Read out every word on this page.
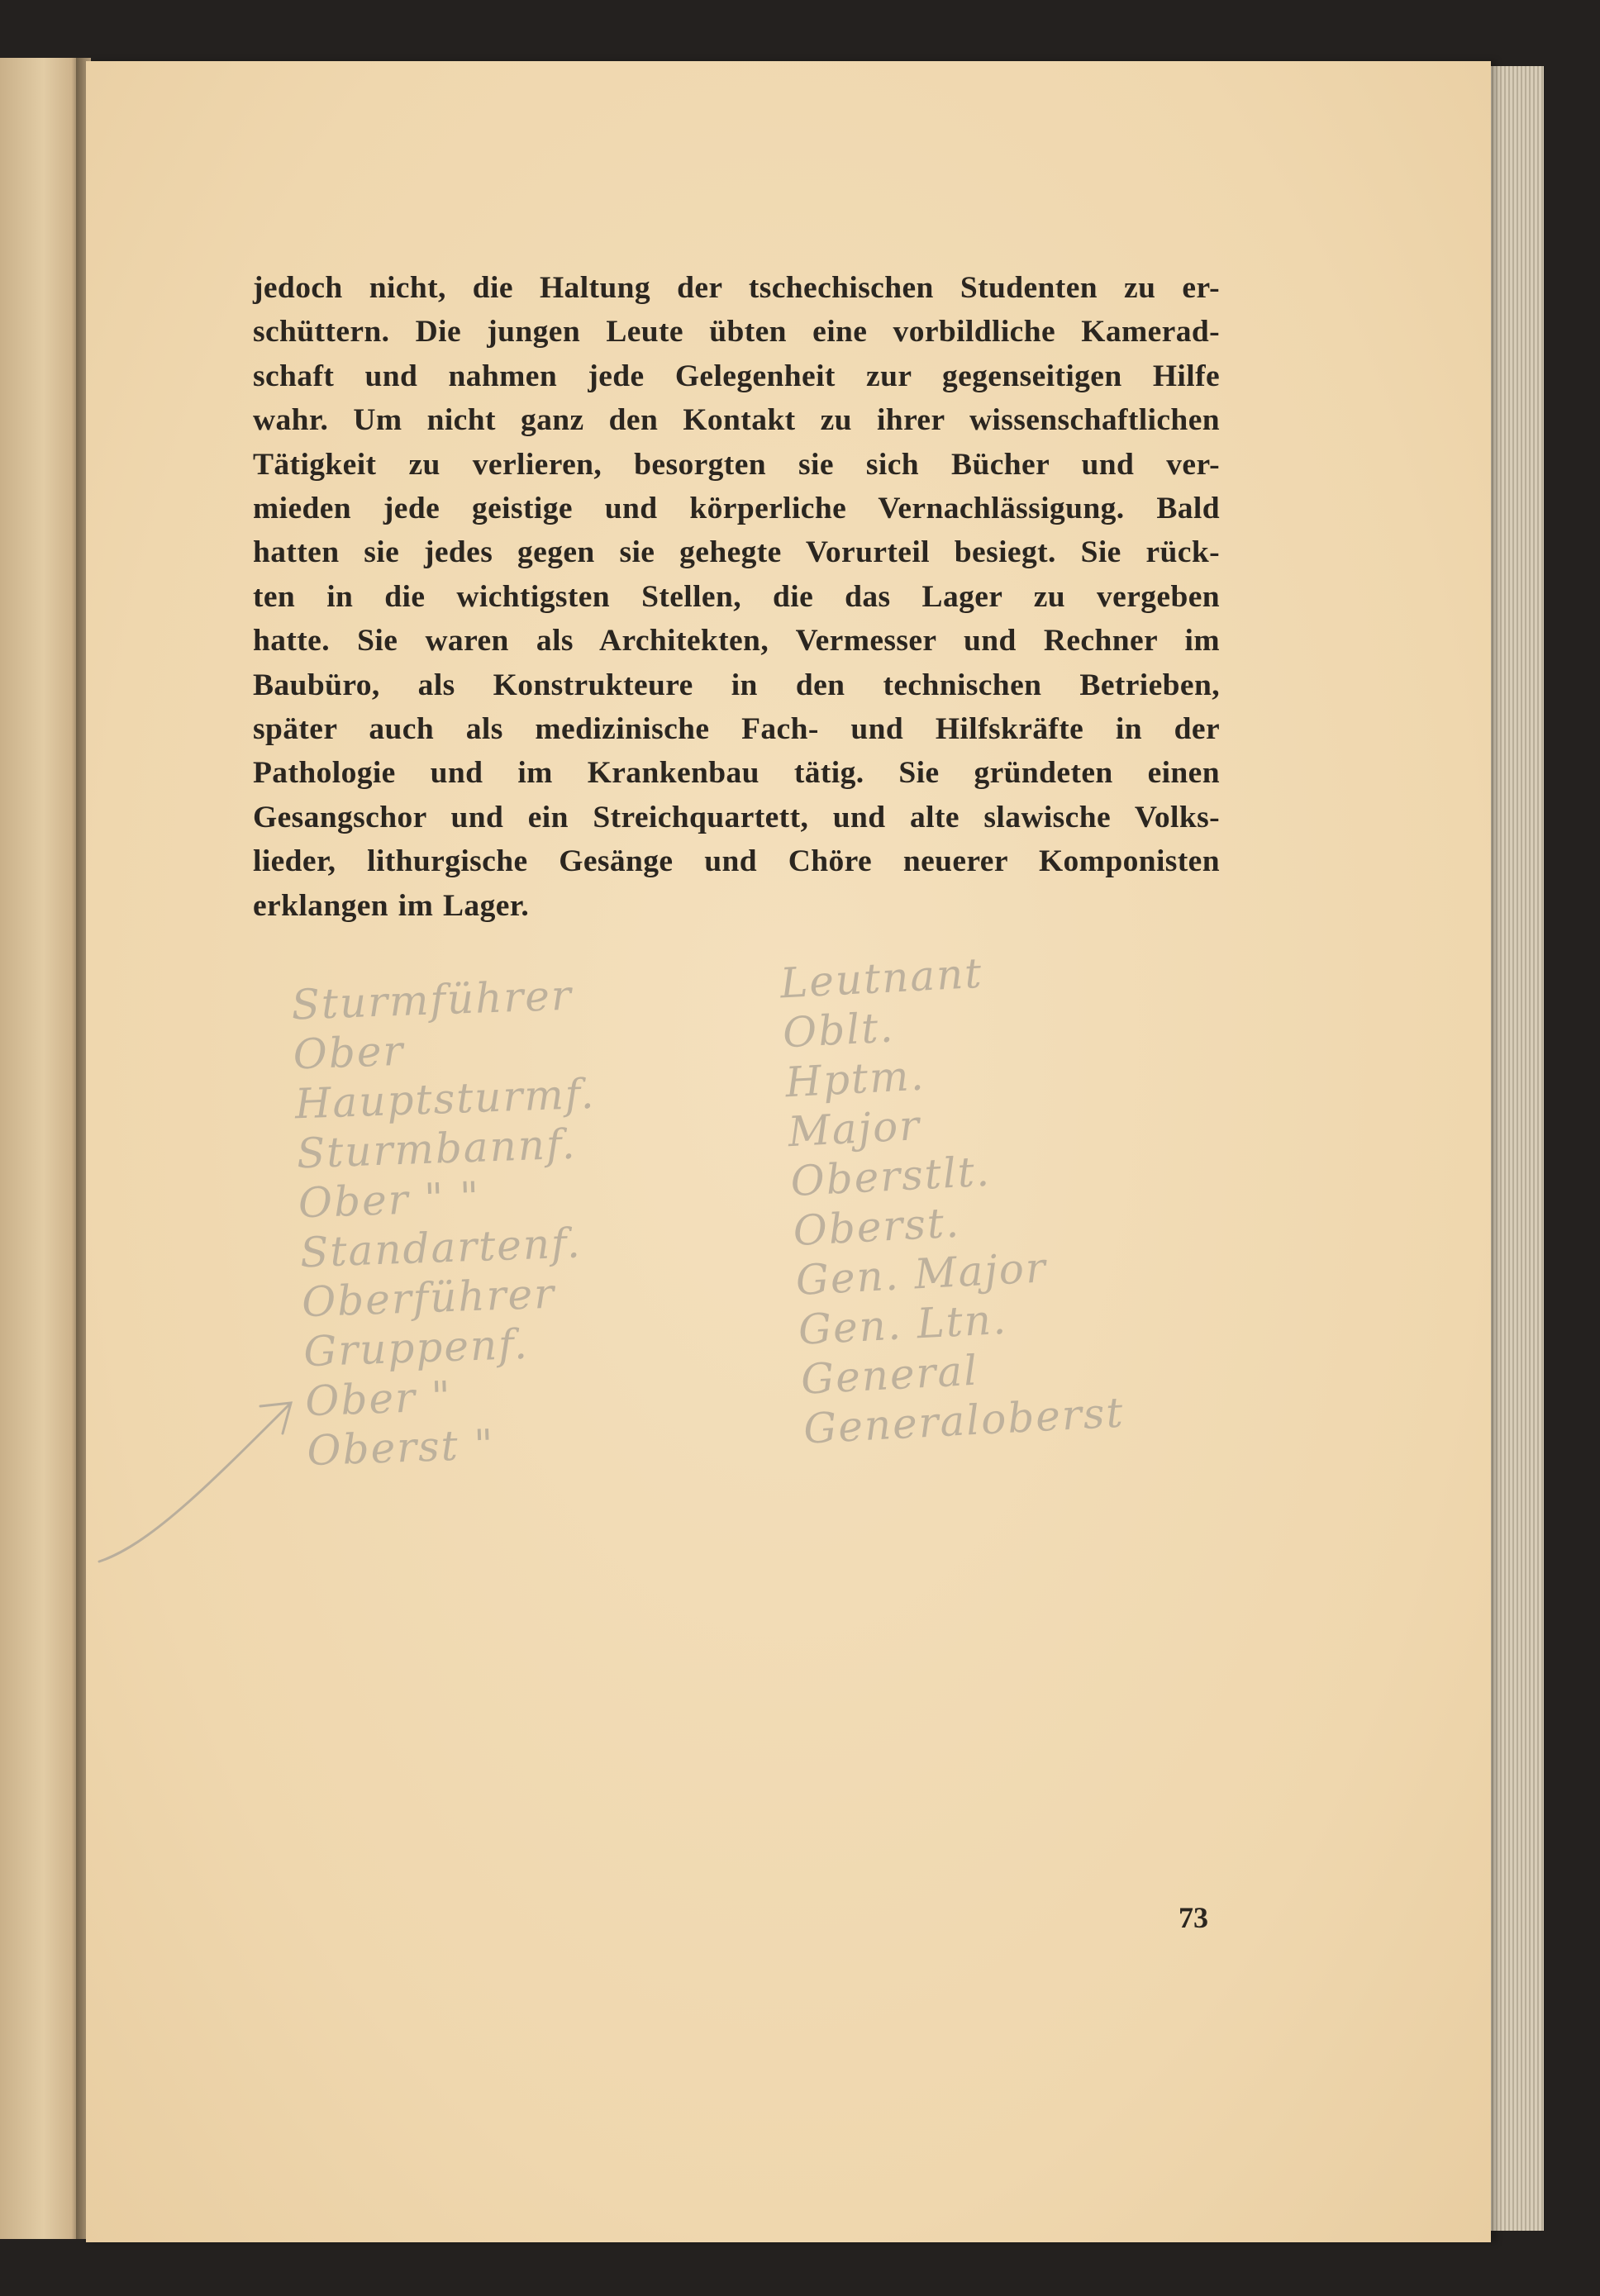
jedoch nicht, die Haltung der tschechischen Studenten zu er-
schüttern. Die jungen Leute übten eine vorbildliche Kamerad-
schaft und nahmen jede Gelegenheit zur gegenseitigen Hilfe
wahr. Um nicht ganz den Kontakt zu ihrer wissenschaftlichen
Tätigkeit zu verlieren, besorgten sie sich Bücher und ver-
mieden jede geistige und körperliche Vernachlässigung. Bald
hatten sie jedes gegen sie gehegte Vorurteil besiegt. Sie rück-
ten in die wichtigsten Stellen, die das Lager zu vergeben
hatte. Sie waren als Architekten, Vermesser und Rechner im
Baubüro, als Konstrukteure in den technischen Betrieben,
später auch als medizinische Fach- und Hilfskräfte in der
Pathologie und im Krankenbau tätig. Sie gründeten einen
Gesangschor und ein Streichquartett, und alte slawische Volks-
lieder, lithurgische Gesänge und Chöre neuerer Komponisten
erklangen im Lager.
Sturmführer
Ober
Hauptsturmf.
Sturmbannf.
Ober " "
Standartenf.
Oberführer
Gruppenf.
Ober "
Oberst "
Leutnant
Oblt.
Hptm.
Major
Oberstlt.
Oberst.
Gen. Major
Gen. Ltn.
General
Generaloberst
73
